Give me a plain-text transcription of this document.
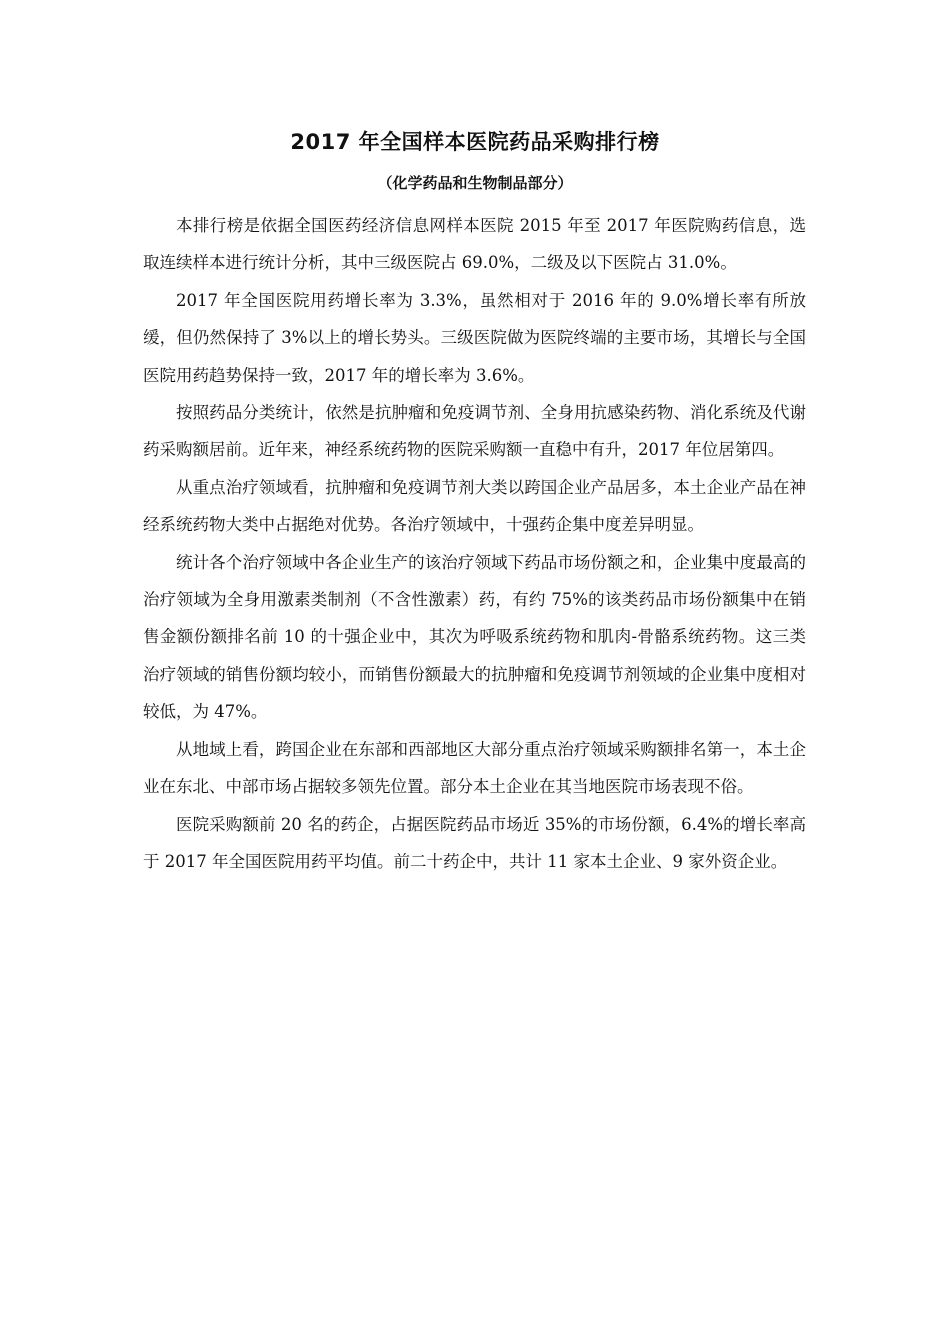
2017 年全国样本医院药品采购排行榜
（化学药品和生物制品部分）

本排行榜是依据全国医药经济信息网样本医院 2015 年至 2017 年医院购药信息，选取连续样本进行统计分析，其中三级医院占 69.0%，二级及以下医院占 31.0%。

2017 年全国医院用药增长率为 3.3%，虽然相对于 2016 年的 9.0%增长率有所放缓，但仍然保持了 3%以上的增长势头。三级医院做为医院终端的主要市场，其增长与全国医院用药趋势保持一致，2017 年的增长率为 3.6%。

按照药品分类统计，依然是抗肿瘤和免疫调节剂、全身用抗感染药物、消化系统及代谢药采购额居前。近年来，神经系统药物的医院采购额一直稳中有升，2017 年位居第四。

从重点治疗领域看，抗肿瘤和免疫调节剂大类以跨国企业产品居多，本土企业产品在神经系统药物大类中占据绝对优势。各治疗领域中，十强药企集中度差异明显。

统计各个治疗领域中各企业生产的该治疗领域下药品市场份额之和，企业集中度最高的治疗领域为全身用激素类制剂（不含性激素）药，有约 75%的该类药品市场份额集中在销售金额份额排名前 10 的十强企业中，其次为呼吸系统药物和肌肉-骨骼系统药物。这三类治疗领域的销售份额均较小，而销售份额最大的抗肿瘤和免疫调节剂领域的企业集中度相对较低，为 47%。

从地域上看，跨国企业在东部和西部地区大部分重点治疗领域采购额排名第一，本土企业在东北、中部市场占据较多领先位置。部分本土企业在其当地医院市场表现不俗。

医院采购额前 20 名的药企，占据医院药品市场近 35%的市场份额，6.4%的增长率高于 2017 年全国医院用药平均值。前二十药企中，共计 11 家本土企业、9 家外资企业。
